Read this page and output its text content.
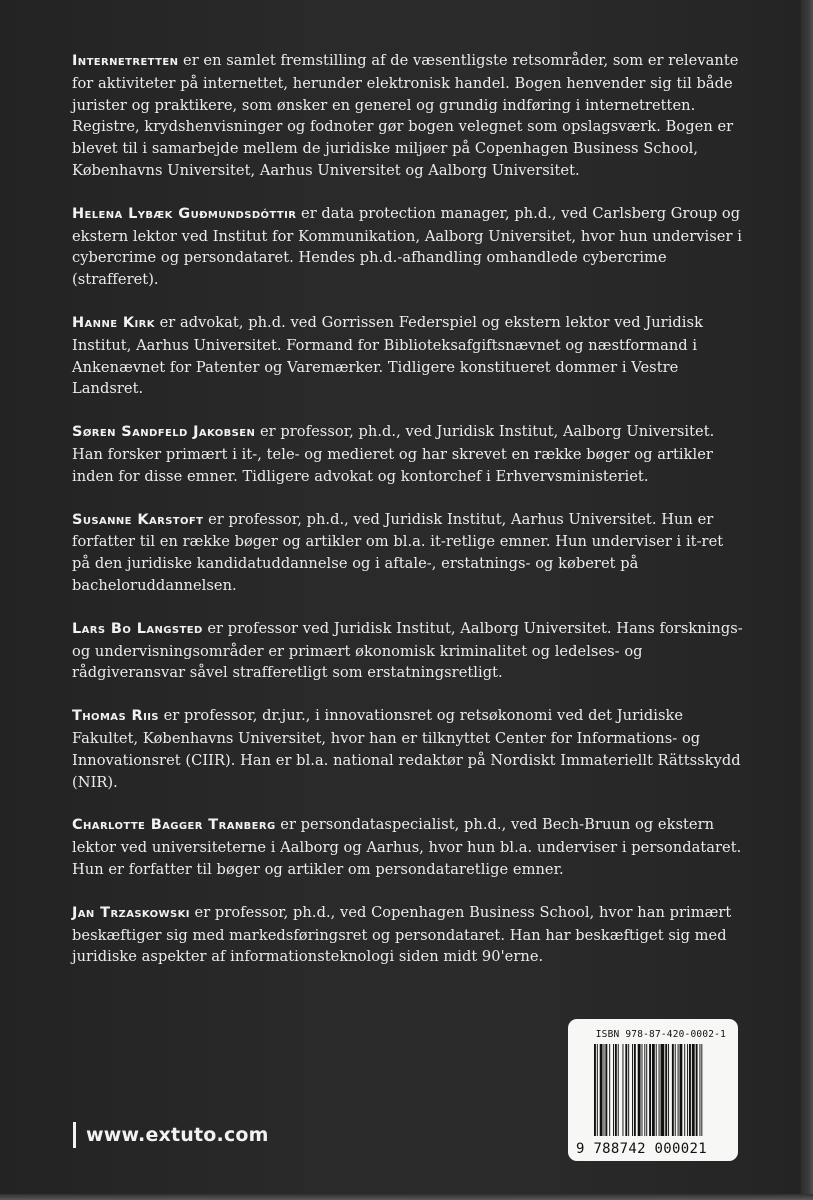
Internetretten er en samlet fremstilling af de væsentligste retsområder, som er relevante for aktiviteter på internettet, herunder elektronisk handel. Bogen henvender sig til både jurister og praktikere, som ønsker en generel og grundig indføring i internetretten. Registre, krydshenvisninger og fodnoter gør bogen velegnet som opslagsværk. Bogen er blevet til i samarbejde mellem de juridiske miljøer på Copenhagen Business School, Københavns Universitet, Aarhus Universitet og Aalborg Universitet.

Helena Lybæk Guðmundsdóttir er data protection manager, ph.d., ved Carlsberg Group og ekstern lektor ved Institut for Kommunikation, Aalborg Universitet, hvor hun underviser i cybercrime og persondataret. Hendes ph.d.-afhandling omhandlede cybercrime (strafferet).

Hanne Kirk er advokat, ph.d. ved Gorrissen Federspiel og ekstern lektor ved Juridisk Institut, Aarhus Universitet. Formand for Biblioteksafgiftsnævnet og næstformand i Ankenævnet for Patenter og Varemærker. Tidligere konstitueret dommer i Vestre Landsret.

Søren Sandfeld Jakobsen er professor, ph.d., ved Juridisk Institut, Aalborg Universitet. Han forsker primært i it-, tele- og medieret og har skrevet en række bøger og artikler inden for disse emner. Tidligere advokat og kontorchef i Erhvervsministeriet.

Susanne Karstoft er professor, ph.d., ved Juridisk Institut, Aarhus Universitet. Hun er forfatter til en række bøger og artikler om bl.a. it-retlige emner. Hun underviser i it-ret på den juridiske kandidatuddannelse og i aftale-, erstatnings- og køberet på bacheloruddannelsen.

Lars Bo Langsted er professor ved Juridisk Institut, Aalborg Universitet. Hans forsknings- og undervisningsområder er primært økonomisk kriminalitet og ledelses- og rådgiveransvar såvel strafferetligt som erstatningsretligt.

Thomas Riis er professor, dr.jur., i innovationsret og retsøkonomi ved det Juridiske Fakultet, Københavns Universitet, hvor han er tilknyttet Center for Informations- og Innovationsret (CIIR). Han er bl.a. national redaktør på Nordiskt Immateriellt Rättsskydd (NIR).

Charlotte Bagger Tranberg er persondataspecialist, ph.d., ved Bech-Bruun og ekstern lektor ved universiteterne i Aalborg og Aarhus, hvor hun bl.a. underviser i persondataret. Hun er forfatter til bøger og artikler om persondataretlige emner.

Jan Trzaskowski er professor, ph.d., ved Copenhagen Business School, hvor han primært beskæftiger sig med markedsføringsret og persondataret. Han har beskæftiget sig med juridiske aspekter af informationsteknologi siden midt 90'erne.

ISBN 978-87-420-0002-1
9 788742 000021
www.extuto.com
